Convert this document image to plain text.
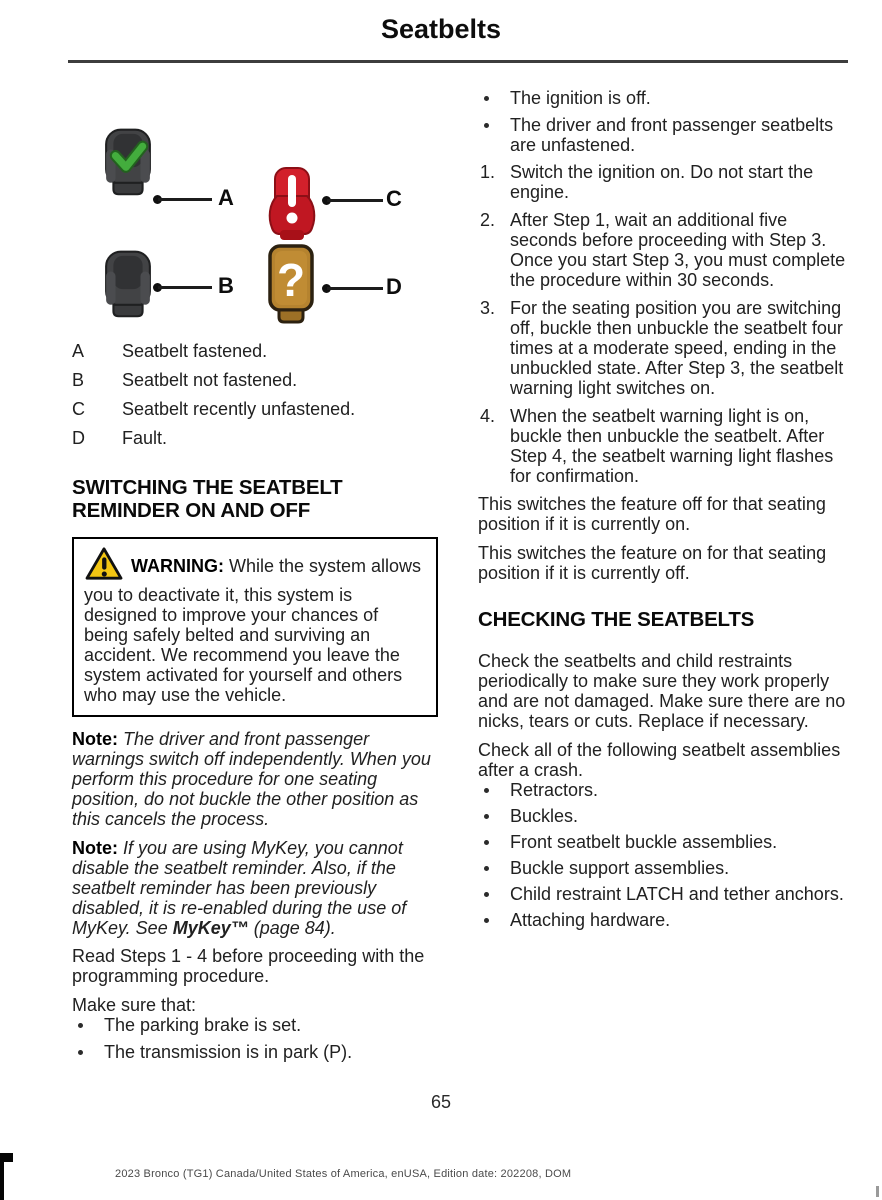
Seatbelts
?
A
B
C
D
A	Seatbelt fastened.
B	Seatbelt not fastened.
C	Seatbelt recently unfastened.
D	Fault.

SWITCHING THE SEATBELT REMINDER ON AND OFF

WARNING: While the system allows you to deactivate it, this system is designed to improve your chances of being safely belted and surviving an accident. We recommend you leave the system activated for yourself and others who may use the vehicle.

Note: The driver and front passenger warnings switch off independently. When you perform this procedure for one seating position, do not buckle the other position as this cancels the process.

Note: If you are using MyKey, you cannot disable the seatbelt reminder. Also, if the seatbelt reminder has been previously disabled, it is re-enabled during the use of MyKey. See MyKey™ (page 84).

Read Steps 1 - 4 before proceeding with the programming procedure.

Make sure that:

The parking brake is set.
The transmission is in park (P).
The ignition is off.
The driver and front passenger seatbelts are unfastened.
1. Switch the ignition on. Do not start the engine.
2. After Step 1, wait an additional five seconds before proceeding with Step 3. Once you start Step 3, you must complete the procedure within 30 seconds.
3. For the seating position you are switching off, buckle then unbuckle the seatbelt four times at a moderate speed, ending in the unbuckled state. After Step 3, the seatbelt warning light switches on.
4. When the seatbelt warning light is on, buckle then unbuckle the seatbelt. After Step 4, the seatbelt warning light flashes for confirmation.

This switches the feature off for that seating position if it is currently on.

This switches the feature on for that seating position if it is currently off.

CHECKING THE SEATBELTS

Check the seatbelts and child restraints periodically to make sure they work properly and are not damaged. Make sure there are no nicks, tears or cuts. Replace if necessary.

Check all of the following seatbelt assemblies after a crash.

Retractors.
Buckles.
Front seatbelt buckle assemblies.
Buckle support assemblies.
Child restraint LATCH and tether anchors.
Attaching hardware.
65
2023 Bronco (TG1) Canada/United States of America, enUSA, Edition date: 202208, DOM
